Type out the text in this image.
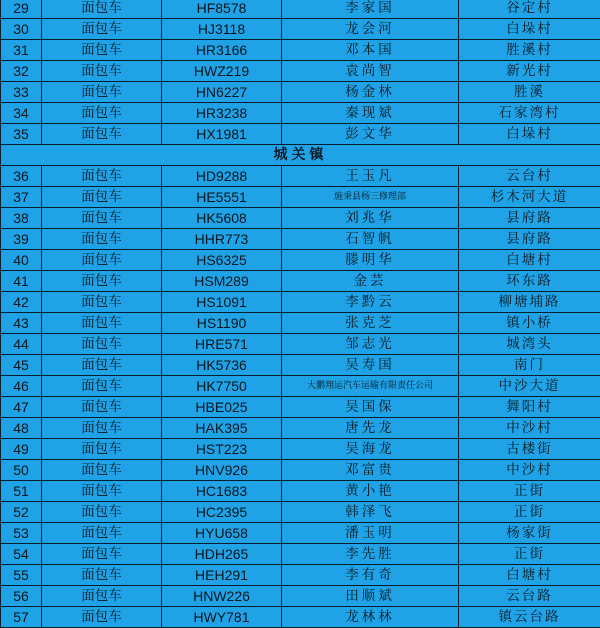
29	面包车	HF8578	李家国	谷定村
30	面包车	HJ3118	龙会河	白垛村
31	面包车	HR3166	邓本国	胜溪村
32	面包车	HWZ219	袁尚智	新光村
33	面包车	HN6227	杨金林	胜溪
34	面包车	HR3238	秦现斌	石家湾村
35	面包车	HX1981	彭文华	白垛村
城关镇				
36	面包车	HD9288	王玉凡	云台村
37	面包车	HE5551	施秉县杨三修理部	杉木河大道
38	面包车	HK5608	刘兆华	县府路
39	面包车	HHR773	石智帆	县府路
40	面包车	HS6325	滕明华	白塘村
41	面包车	HSM289	金芸	环东路
42	面包车	HS1091	李黔云	柳塘埔路
43	面包车	HS1190	张克芝	镇小桥
44	面包车	HRE571	邹志光	城湾头
45	面包车	HK5736	吴寿国	南门
46	面包车	HK7750	大鹏翔运汽车运输有限责任公司	中沙大道
47	面包车	HBE025	吴国保	舞阳村
48	面包车	HAK395	唐先龙	中沙村
49	面包车	HST223	吴海龙	古楼街
50	面包车	HNV926	邓富贵	中沙村
51	面包车	HC1683	黄小艳	正街
52	面包车	HC2395	韩泽飞	正街
53	面包车	HYU658	潘玉明	杨家街
54	面包车	HDH265	李先胜	正街
55	面包车	HEH291	李有奇	白塘村
56	面包车	HNW226	田顺斌	云台路
57	面包车	HWY781	龙林林	镇云台路
